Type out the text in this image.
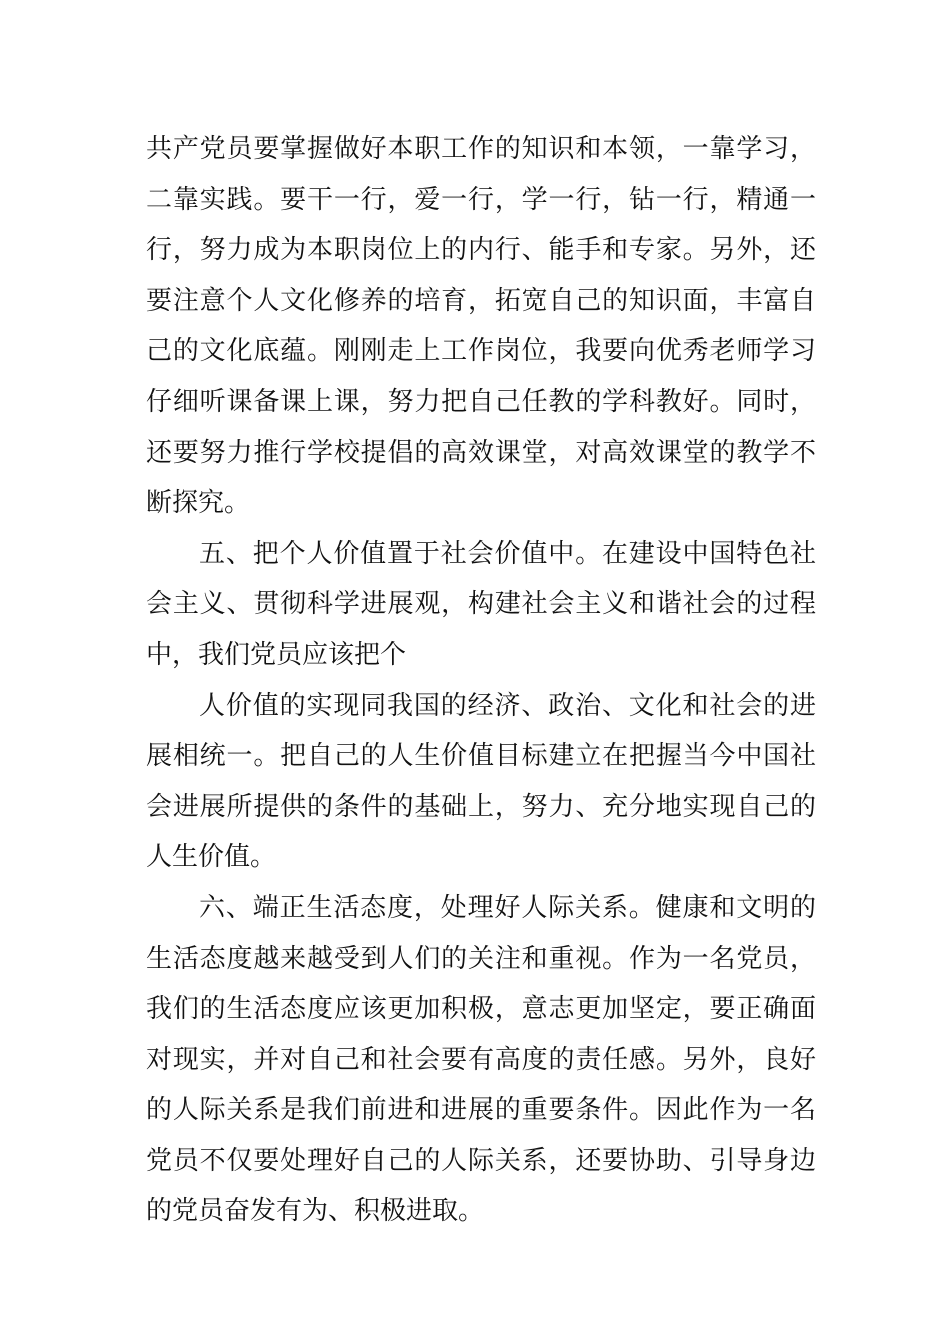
共产党员要掌握做好本职工作的知识和本领，一靠学习，
二靠实践。要干一行，爱一行，学一行，钻一行，精通一
行，努力成为本职岗位上的内行、能手和专家。另外，还
要注意个人文化修养的培育，拓宽自己的知识面，丰富自
己的文化底蕴。刚刚走上工作岗位，我要向优秀老师学习
仔细听课备课上课，努力把自己任教的学科教好。同时，
还要努力推行学校提倡的高效课堂，对高效课堂的教学不
断探究。
五、把个人价值置于社会价值中。在建设中国特色社
会主义、贯彻科学进展观，构建社会主义和谐社会的过程
中，我们党员应该把个
人价值的实现同我国的经济、政治、文化和社会的进
展相统一。把自己的人生价值目标建立在把握当今中国社
会进展所提供的条件的基础上，努力、充分地实现自己的
人生价值。
六、端正生活态度，处理好人际关系。健康和文明的
生活态度越来越受到人们的关注和重视。作为一名党员，
我们的生活态度应该更加积极，意志更加坚定，要正确面
对现实，并对自己和社会要有高度的责任感。另外，良好
的人际关系是我们前进和进展的重要条件。因此作为一名
党员不仅要处理好自己的人际关系，还要协助、引导身边
的党员奋发有为、积极进取。
